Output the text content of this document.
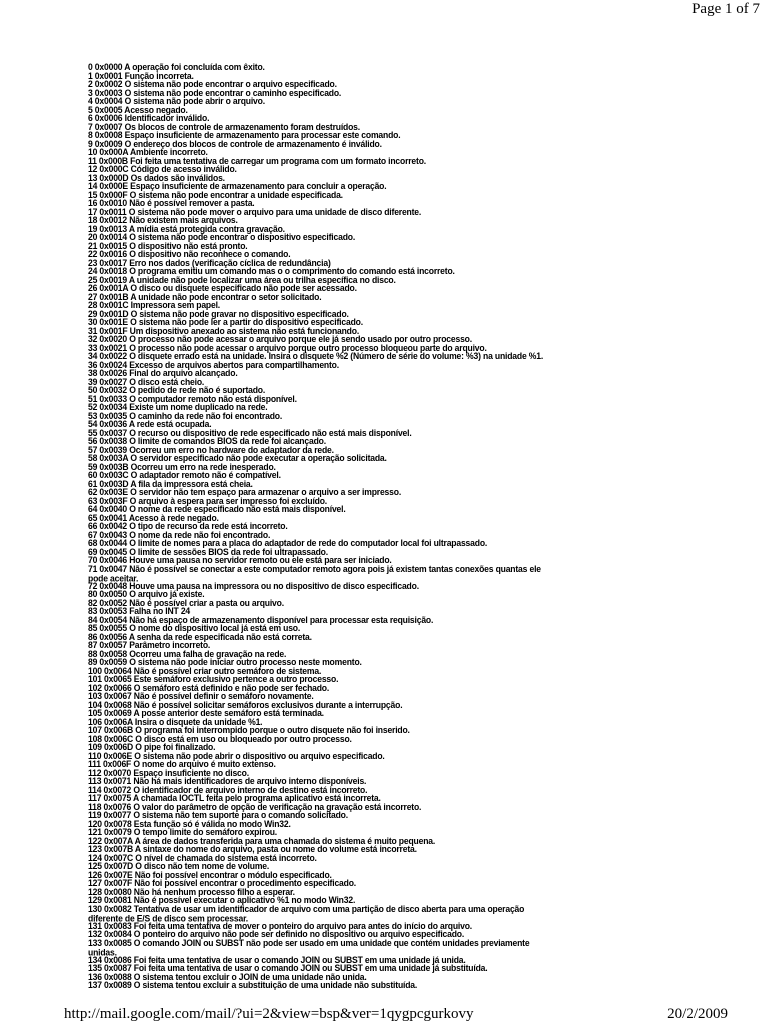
Page 1 of 7
0 0x0000 A operação foi concluída com êxito.
1 0x0001 Função incorreta.
2 0x0002 O sistema não pode encontrar o arquivo especificado.
3 0x0003 O sistema não pode encontrar o caminho especificado.
4 0x0004 O sistema não pode abrir o arquivo.
5 0x0005 Acesso negado.
6 0x0006 Identificador inválido.
7 0x0007 Os blocos de controle de armazenamento foram destruídos.
8 0x0008 Espaço insuficiente de armazenamento para processar este comando.
9 0x0009 O endereço dos blocos de controle de armazenamento é inválido.
10 0x000A Ambiente incorreto.
11 0x000B Foi feita uma tentativa de carregar um programa com um formato incorreto.
12 0x000C Código de acesso inválido.
13 0x000D Os dados são inválidos.
14 0x000E Espaço insuficiente de armazenamento para concluir a operação.
15 0x000F O sistema não pode encontrar a unidade especificada.
16 0x0010 Não é possível remover a pasta.
17 0x0011 O sistema não pode mover o arquivo para uma unidade de disco diferente.
18 0x0012 Não existem mais arquivos.
19 0x0013 A mídia está protegida contra gravação.
20 0x0014 O sistema não pode encontrar o dispositivo especificado.
21 0x0015 O dispositivo não está pronto.
22 0x0016 O dispositivo não reconhece o comando.
23 0x0017 Erro nos dados (verificação cíclica de redundância)
24 0x0018 O programa emitiu um comando mas o o comprimento do comando está incorreto.
25 0x0019 A unidade não pode localizar uma área ou trilha específica no disco.
26 0x001A O disco ou disquete especificado não pode ser acessado.
27 0x001B A unidade não pode encontrar o setor solicitado.
28 0x001C Impressora sem papel.
29 0x001D O sistema não pode gravar no dispositivo especificado.
30 0x001E O sistema não pode ler a partir do dispositivo especificado.
31 0x001F Um dispositivo anexado ao sistema não está funcionando.
32 0x0020 O processo não pode acessar o arquivo porque ele já sendo usado por outro processo.
33 0x0021 O processo não pode acessar o arquivo porque outro processo bloqueou parte do arquivo.
34 0x0022 O disquete errado está na unidade. Insira o disquete %2 (Número de série do volume: %3) na unidade %1.
36 0x0024 Excesso de arquivos abertos para compartilhamento.
38 0x0026 Final do arquivo alcançado.
39 0x0027 O disco está cheio.
50 0x0032 O pedido de rede não é suportado.
51 0x0033 O computador remoto não está disponível.
52 0x0034 Existe um nome duplicado na rede.
53 0x0035 O caminho da rede não foi encontrado.
54 0x0036 A rede está ocupada.
55 0x0037 O recurso ou dispositivo de rede especificado não está mais disponível.
56 0x0038 O limite de comandos BIOS da rede foi alcançado.
57 0x0039 Ocorreu um erro no hardware do adaptador da rede.
58 0x003A O servidor especificado não pode executar a operação solicitada.
59 0x003B Ocorreu um erro na rede inesperado.
60 0x003C O adaptador remoto não é compatível.
61 0x003D A fila da impressora está cheia.
62 0x003E O servidor não tem espaço para armazenar o arquivo a ser impresso.
63 0x003F O arquivo à espera para ser impresso foi excluído.
64 0x0040 O nome da rede especificado não está mais disponível.
65 0x0041 Acesso à rede negado.
66 0x0042 O tipo de recurso da rede está incorreto.
67 0x0043 O nome da rede não foi encontrado.
68 0x0044 O limite de nomes para a placa do adaptador de rede do computador local foi ultrapassado.
69 0x0045 O limite de sessões BIOS da rede foi ultrapassado.
70 0x0046 Houve uma pausa no servidor remoto ou ele está para ser iniciado.
71 0x0047 Não é possível se conectar a este computador remoto agora pois já existem tantas conexões quantas ele pode aceitar.
72 0x0048 Houve uma pausa na impressora ou no dispositivo de disco especificado.
80 0x0050 O arquivo já existe.
82 0x0052 Não é possível criar a pasta ou arquivo.
83 0x0053 Falha no INT 24
84 0x0054 Não há espaço de armazenamento disponível para processar esta requisição.
85 0x0055 O nome do dispositivo local já está em uso.
86 0x0056 A senha da rede especificada não está correta.
87 0x0057 Parâmetro incorreto.
88 0x0058 Ocorreu uma falha de gravação na rede.
89 0x0059 O sistema não pode iniciar outro processo neste momento.
100 0x0064 Não é possível criar outro semáforo de sistema.
101 0x0065 Este semáforo exclusivo pertence a outro processo.
102 0x0066 O semáforo está definido e não pode ser fechado.
103 0x0067 Não é possível definir o semáforo novamente.
104 0x0068 Não é possível solicitar semáforos exclusivos durante a interrupção.
105 0x0069 A posse anterior deste semáforo está terminada.
106 0x006A Insira o disquete da unidade %1.
107 0x006B O programa foi interrompido porque o outro disquete não foi inserido.
108 0x006C O disco está em uso ou bloqueado por outro processo.
109 0x006D O pipe foi finalizado.
110 0x006E O sistema não pode abrir o dispositivo ou arquivo especificado.
111 0x006F O nome do arquivo é muito extenso.
112 0x0070 Espaço insuficiente no disco.
113 0x0071 Não há mais identificadores de arquivo interno disponíveis.
114 0x0072 O identificador de arquivo interno de destino está incorreto.
117 0x0075 A chamada IOCTL feita pelo programa aplicativo está incorreta.
118 0x0076 O valor do parâmetro de opção de verificação na gravação está incorreto.
119 0x0077 O sistema não tem suporte para o comando solicitado.
120 0x0078 Esta função só é válida no modo Win32.
121 0x0079 O tempo limite do semáforo expirou.
122 0x007A A área de dados transferida para uma chamada do sistema é muito pequena.
123 0x007B A sintaxe do nome do arquivo, pasta ou nome do volume está incorreta.
124 0x007C O nível de chamada do sistema está incorreto.
125 0x007D O disco não tem nome de volume.
126 0x007E Não foi possível encontrar o módulo especificado.
127 0x007F Não foi possível encontrar o procedimento especificado.
128 0x0080 Não há nenhum processo filho a esperar.
129 0x0081 Não é possível executar o aplicativo %1 no modo Win32.
130 0x0082 Tentativa de usar um identificador de arquivo com uma partição de disco aberta para uma operação diferente de E/S de disco sem processar.
131 0x0083 Foi feita uma tentativa de mover o ponteiro do arquivo para antes do início do arquivo.
132 0x0084 O ponteiro do arquivo não pode ser definido no dispositivo ou arquivo especificado.
133 0x0085 O comando JOIN ou SUBST não pode ser usado em uma unidade que contém unidades previamente unidas.
134 0x0086 Foi feita uma tentativa de usar o comando JOIN ou SUBST em uma unidade já unida.
135 0x0087 Foi feita uma tentativa de usar o comando JOIN ou SUBST em uma unidade já substituída.
136 0x0088 O sistema tentou excluir o JOIN de uma unidade não unida.
137 0x0089 O sistema tentou excluir a substituição de uma unidade não substituída.
http://mail.google.com/mail/?ui=2&view=bsp&ver=1qygpcgurkovy	20/2/2009
